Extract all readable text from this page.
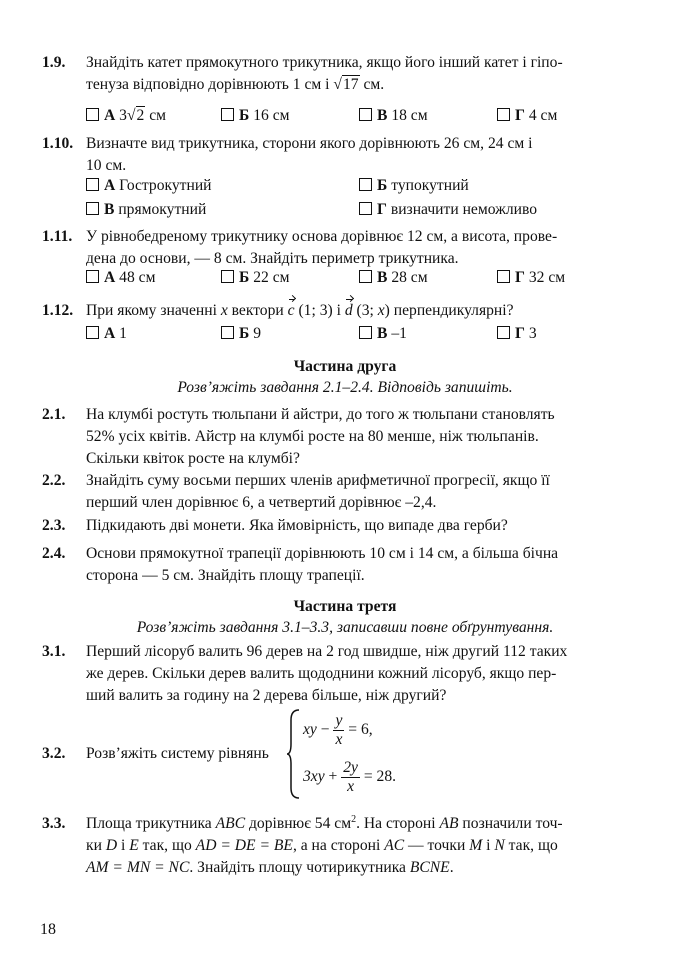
1.9. Знайдіть катет прямокутного трикутника, якщо його інший катет і гіпо-
тенуза відповідно дорівнюють 1 см і √17 см.
А 3√2 см	Б 16 см	В 18 см	Г 4 см
1.10. Визначте вид трикутника, сторони якого дорівнюють 26 см, 24 см і
10 см.
А Гострокутний	Б тупокутний
В прямокутний	Г визначити неможливо
1.11. У рівнобедреному трикутнику основа дорівнює 12 см, а висота, прове-
дена до основи, — 8 см. Знайдіть периметр трикутника.
А 48 см	Б 22 см	В 28 см	Г 32 см
1.12. При якому значенні x вектори c (1; 3) і d (3; x) перпендикулярні?
А 1	Б 9	В –1	Г 3
Частина друга
Розв’яжіть завдання 2.1–2.4. Відповідь запишіть.
2.1. На клумбі ростуть тюльпани й айстри, до того ж тюльпани становлять
52% усіх квітів. Айстр на клумбі росте на 80 менше, ніж тюльпанів.
Скільки квіток росте на клумбі?
2.2. Знайдіть суму восьми перших членів арифметичної прогресії, якщо її
перший член дорівнює 6, а четвертий дорівнює –2,4.
2.3. Підкидають дві монети. Яка ймовірність, що випаде два герби?
2.4. Основи прямокутної трапеції дорівнюють 10 см і 14 см, а більша бічна
сторона — 5 см. Знайдіть площу трапеції.
Частина третя
Розв’яжіть завдання 3.1–3.3, записавши повне обґрунтування.
3.1. Перший лісоруб валить 96 дерев на 2 год швидше, ніж другий 112 таких
же дерев. Скільки дерев валить щододнини кожний лісоруб, якщо пер-
ший валить за годину на 2 дерева більше, ніж другий?
3.2. Розв’яжіть систему рівнянь
xy − $\frac{y}{x} = 6$,
$3xy + \frac{2y}{x} = 28$.
3.3. Площа трикутника ABC дорівнює 54 $см^2$. На стороні AB позначили точ-
ки D і E так, що AD = DE = BE, а на стороні AC — точки M і N так, що
AM = MN = NC. Знайдіть площу чотирикутника BCNE.
18
